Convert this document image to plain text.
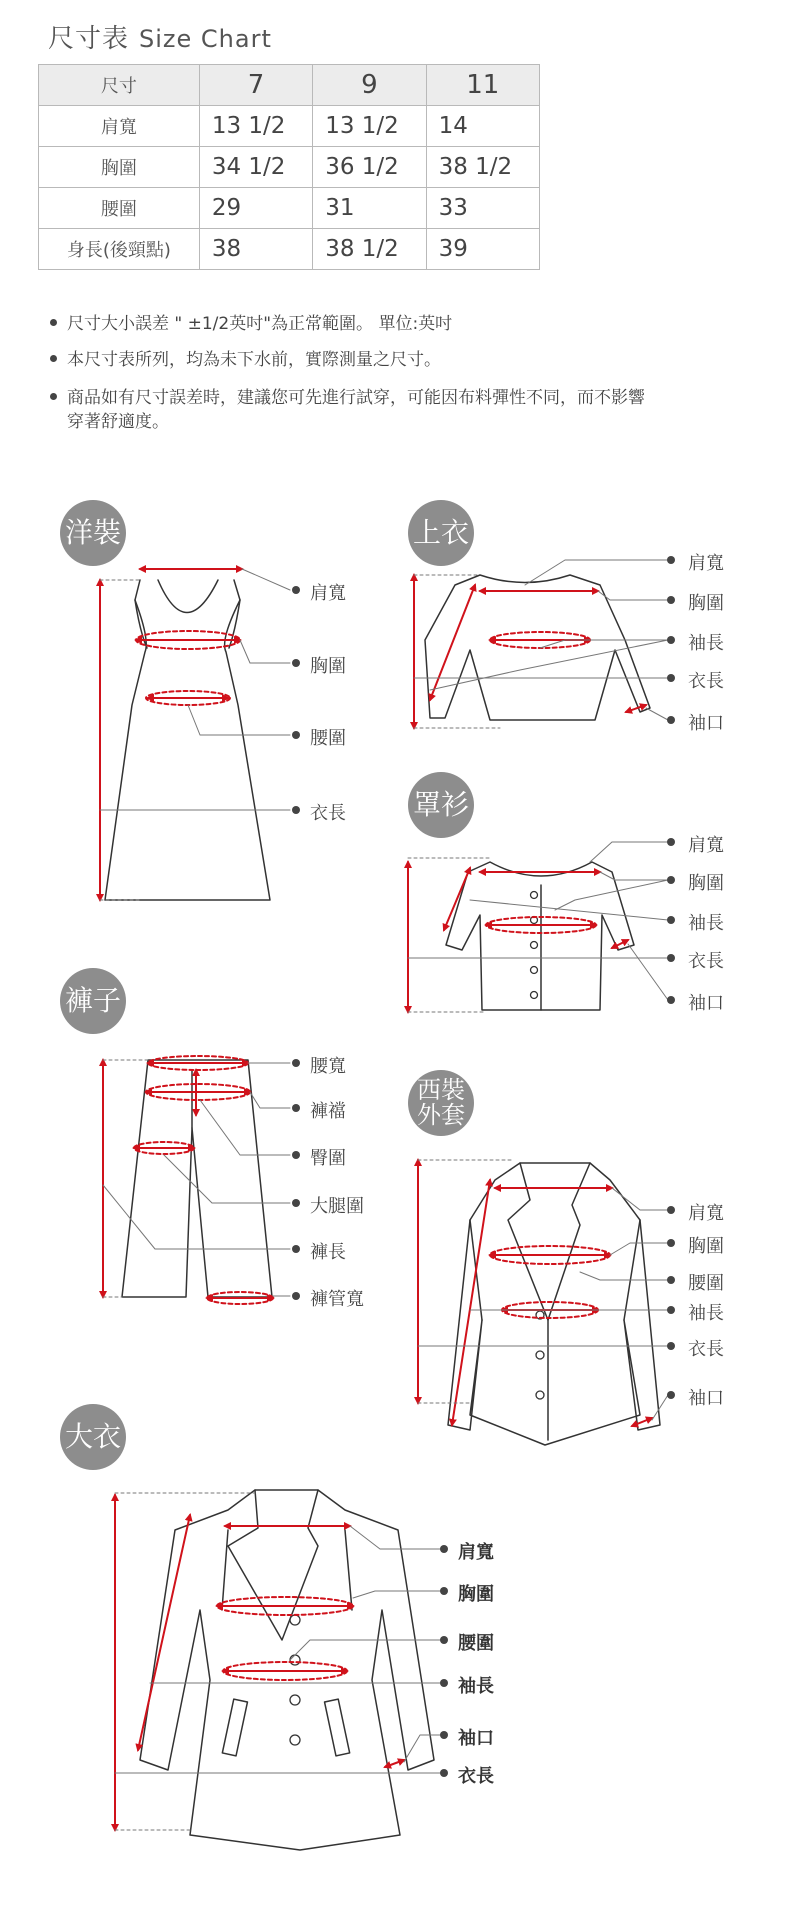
尺寸表 Size Chart
尺寸	7	9	11
肩寬	13 1/2	13 1/2	14
胸圍	34 1/2	36 1/2	38 1/2
腰圍	29	31	33
身長(後頸點)	38	38 1/2	39
尺寸大小誤差 " ±1/2英吋"為正常範圍。 單位:英吋
本尺寸表所列，均為未下水前，實際測量之尺寸。
商品如有尺寸誤差時，建議您可先進行試穿，可能因布料彈性不同，而不影響
穿著舒適度。
洋裝	上衣
罩衫
褲子
西裝
外套
大衣
肩寬
胸圍
腰圍
衣長
肩寬
胸圍
袖長
衣長
袖口
肩寬
胸圍
袖長
衣長
袖口
腰寬
褲襠
臀圍
大腿圍
褲長
褲管寬
肩寬
胸圍
腰圍
袖長
衣長
袖口
肩寬
胸圍
腰圍
袖長
袖口
衣長
